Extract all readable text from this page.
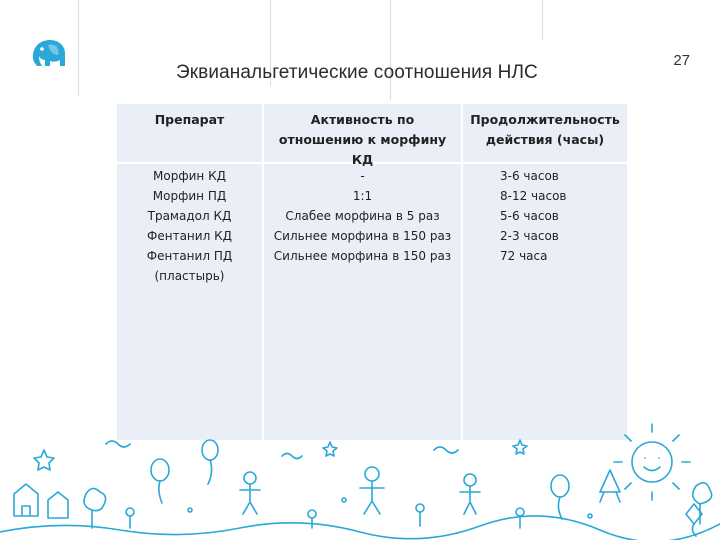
Эквианальгетические соотношения НЛС
27
Препарат	Активность по
отношению к морфину
КД
Продолжительность
действия (часы)
Морфин КД
Морфин ПД
Трамадол КД
Фентанил КД
Фентанил ПД
(пластырь)
-
1:1
Слабее морфина в 5 раз
Сильнее морфина в 150 раз
Сильнее морфина в 150 раз
3-6 часов
8-12 часов
5-6 часов
2-3 часов
72 часа
